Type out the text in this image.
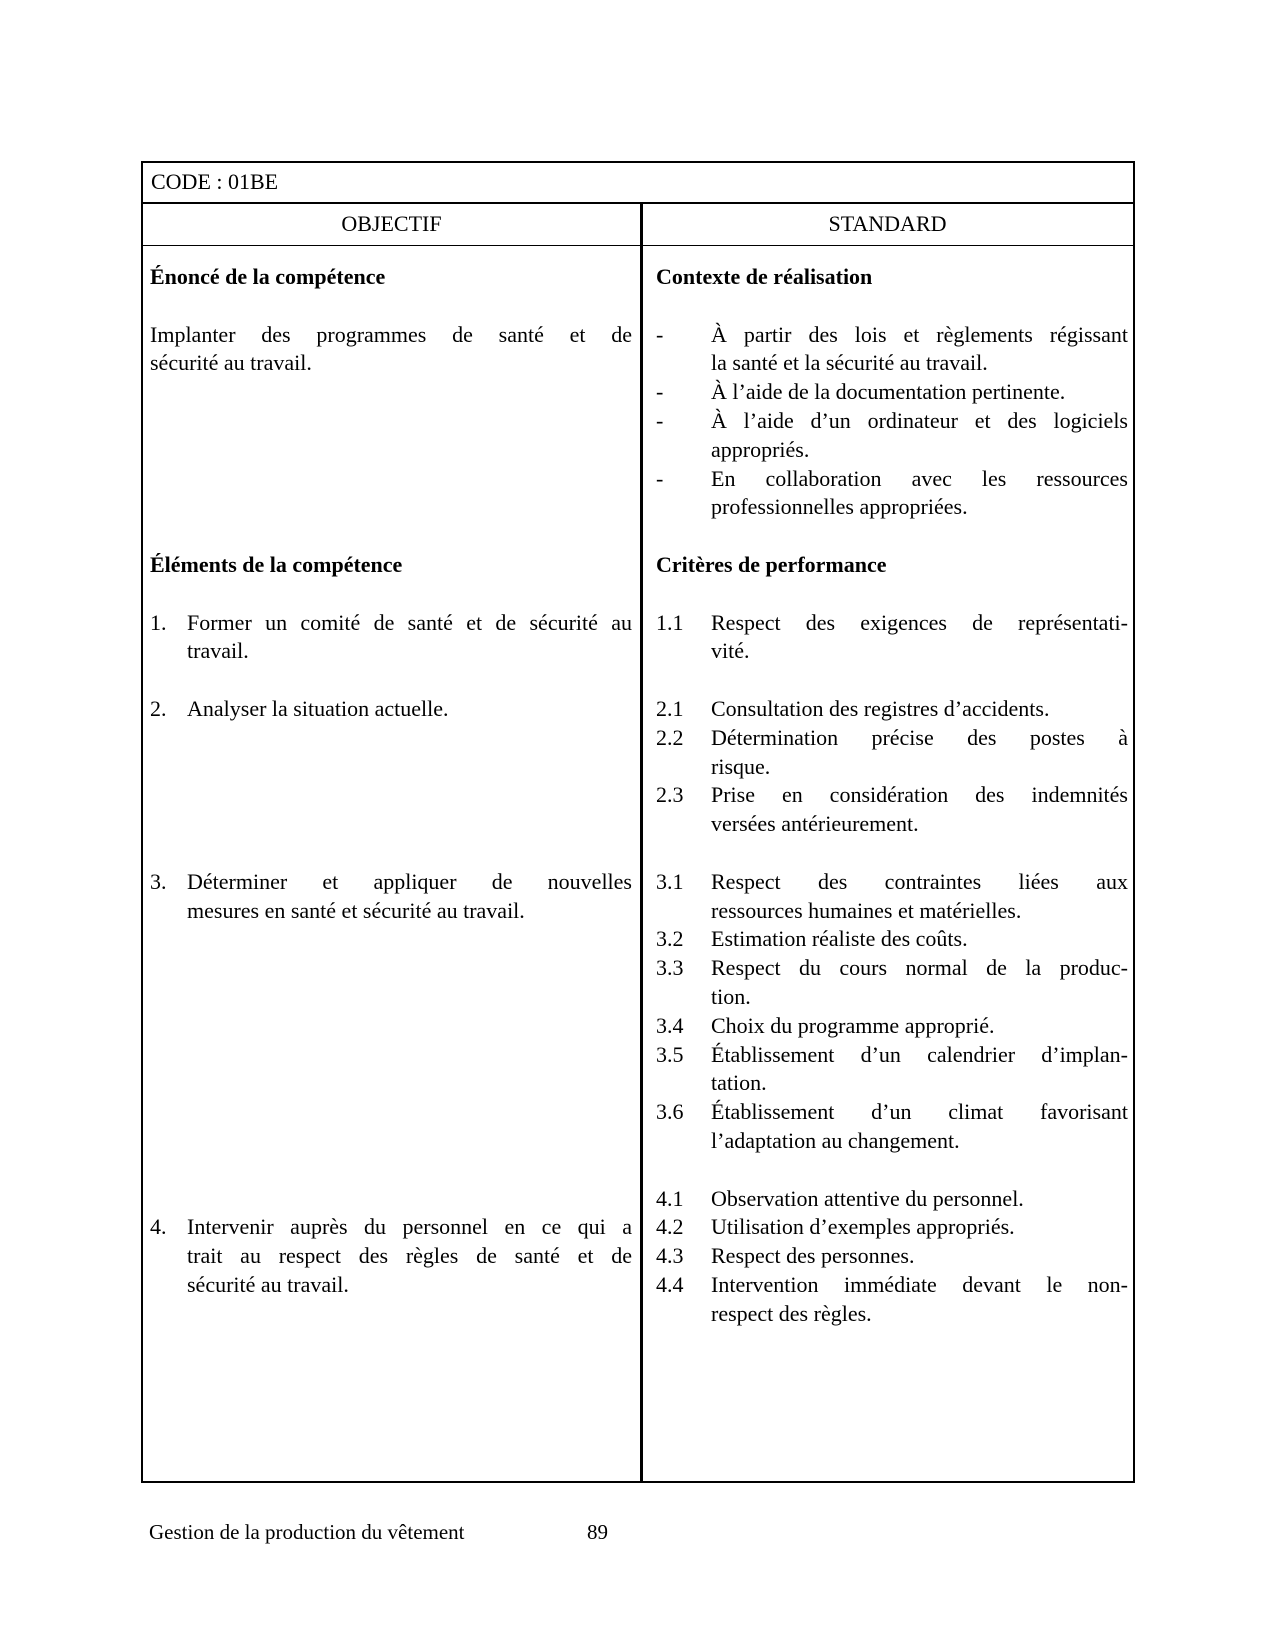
CODE : 01BE
OBJECTIF	STANDARD
Énoncé de la compétence
Implanter des programmes de santé et de
sécurité au travail.
Éléments de la compétence
1. Former un comité de santé et de sécurité au
travail.
2. Analyser la situation actuelle.
3. Déterminer et appliquer de nouvelles
mesures en santé et sécurité au travail.
4. Intervenir auprès du personnel en ce qui a
trait au respect des règles de santé et de
sécurité au travail.
Contexte de réalisation
- À partir des lois et règlements régissant
la santé et la sécurité au travail.
- À l’aide de la documentation pertinente.
- À l’aide d’un ordinateur et des logiciels
appropriés.
- En collaboration avec les ressources
professionnelles appropriées.
Critères de performance
1.1 Respect des exigences de représentati-
vité.
2.1 Consultation des registres d’accidents.
2.2 Détermination précise des postes à
risque.
2.3 Prise en considération des indemnités
versées antérieurement.
3.1 Respect des contraintes liées aux
ressources humaines et matérielles.
3.2 Estimation réaliste des coûts.
3.3 Respect du cours normal de la produc-
tion.
3.4 Choix du programme approprié.
3.5 Établissement d’un calendrier d’implan-
tation.
3.6 Établissement d’un climat favorisant
l’adaptation au changement.
4.1 Observation attentive du personnel.
4.2 Utilisation d’exemples appropriés.
4.3 Respect des personnes.
4.4 Intervention immédiate devant le non-
respect des règles.
Gestion de la production du vêtement	89
